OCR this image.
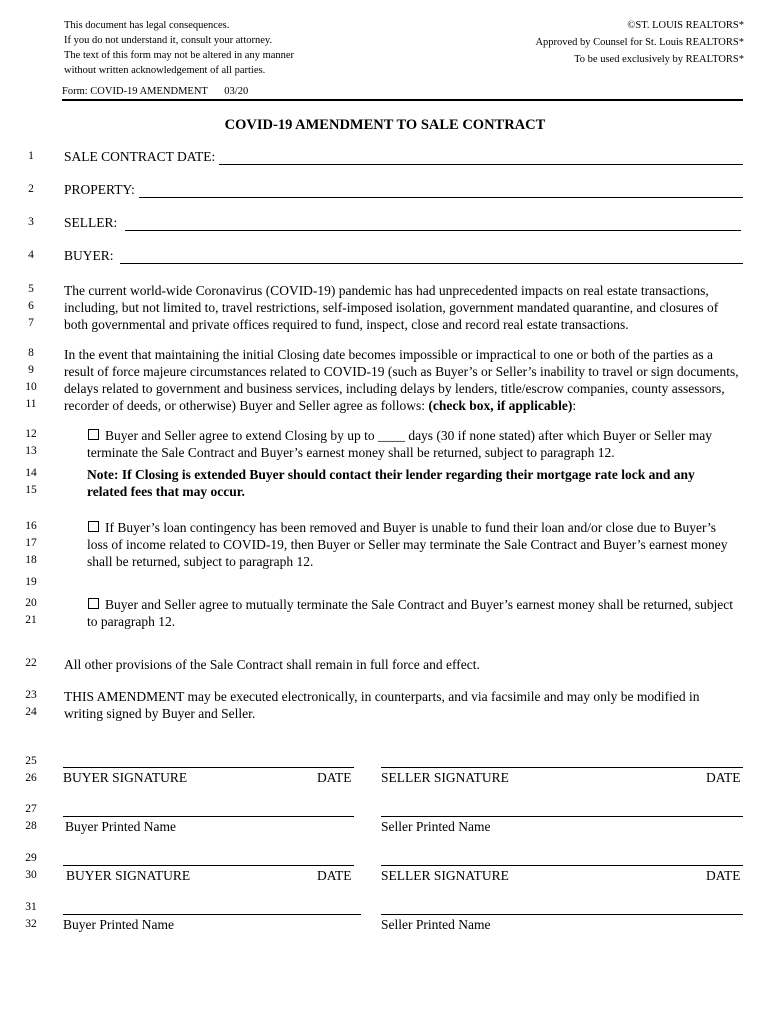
This document has legal consequences.
If you do not understand it, consult your attorney.
The text of this form may not be altered in any manner
without written acknowledgement of all parties.
©ST. LOUIS REALTORS*
Approved by Counsel for St. Louis REALTORS*
To be used exclusively by REALTORS*
Form: COVID-19 AMENDMENT 03/20
COVID-19 AMENDMENT TO SALE CONTRACT
1
2
3
4
5
6
7
8
9
10
11
12
13
14
15
16
17
18
19
20
21
22
23
24
25
26
27
28
29
30
31
32
SALE CONTRACT DATE:
PROPERTY:
SELLER:
BUYER:
The current world-wide Coronavirus (COVID-19) pandemic has had unprecedented impacts on real estate transactions,
including, but not limited to, travel restrictions, self-imposed isolation, government mandated quarantine, and closures of
both governmental and private offices required to fund, inspect, close and record real estate transactions.
In the event that maintaining the initial Closing date becomes impossible or impractical to one or both of the parties as a
result of force majeure circumstances related to COVID-19 (such as Buyer’s or Seller’s inability to travel or sign documents,
delays related to government and business services, including delays by lenders, title/escrow companies, county assessors,
recorder of deeds, or otherwise) Buyer and Seller agree as follows: (check box, if applicable):
Buyer and Seller agree to extend Closing by up to ____ days (30 if none stated) after which Buyer or Seller may
terminate the Sale Contract and Buyer’s earnest money shall be returned, subject to paragraph 12.
Note: If Closing is extended Buyer should contact their lender regarding their mortgage rate lock and any
related fees that may occur.
If Buyer’s loan contingency has been removed and Buyer is unable to fund their loan and/or close due to Buyer’s
loss of income related to COVID-19, then Buyer or Seller may terminate the Sale Contract and Buyer’s earnest money
shall be returned, subject to paragraph 12.
Buyer and Seller agree to mutually terminate the Sale Contract and Buyer’s earnest money shall be returned, subject
to paragraph 12.
All other provisions of the Sale Contract shall remain in full force and effect.
THIS AMENDMENT may be executed electronically, in counterparts, and via facsimile and may only be modified in
writing signed by Buyer and Seller.
BUYER SIGNATURE	DATE SELLER SIGNATURE	DATE
Buyer Printed Name	Seller Printed Name
BUYER SIGNATURE	DATE SELLER SIGNATURE	DATE
Buyer Printed Name	Seller Printed Name
